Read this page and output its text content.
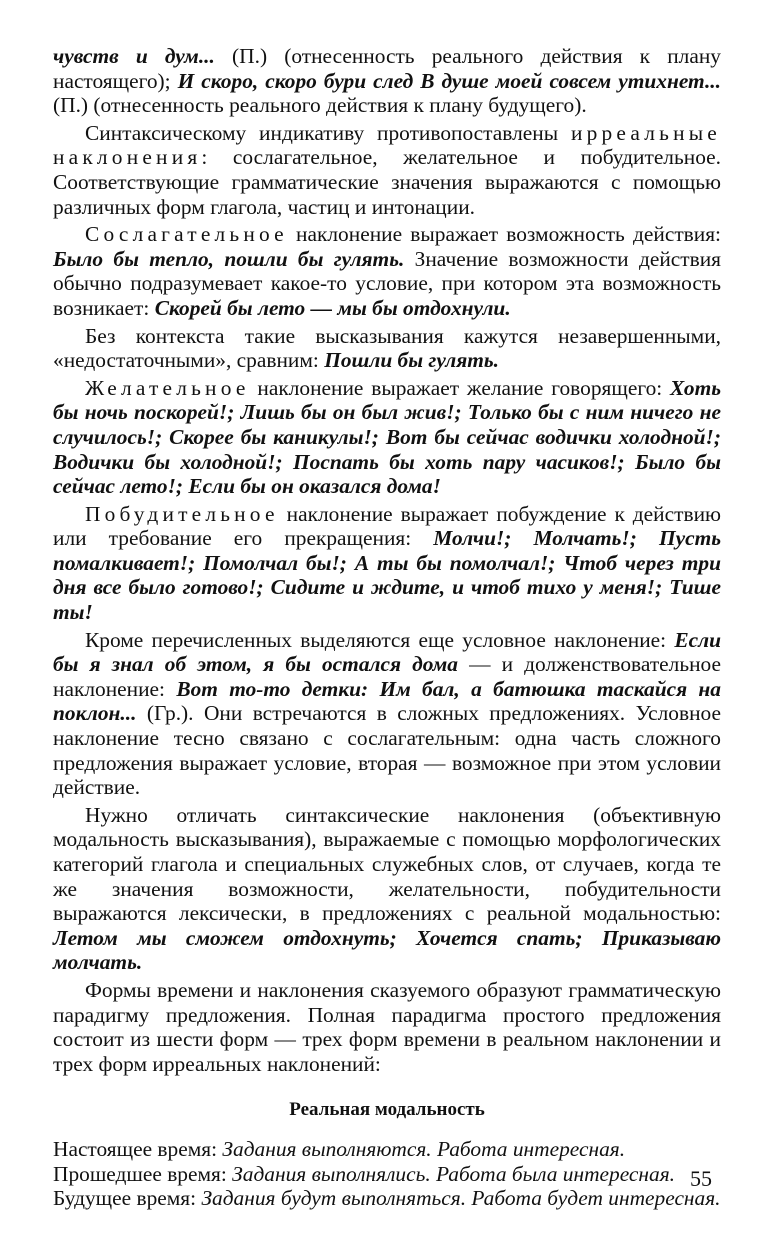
чувств и дум... (П.) (отнесенность реального действия к плану настоящего); И скоро, скоро бури след В душе моей совсем утихнет... (П.) (отнесенность реального действия к плану будущего).

Синтаксическому индикативу противопоставлены ирреальные наклонения: сослагательное, желательное и побудительное. Соответствующие грамматические значения выражаются с помощью различных форм глагола, частиц и интонации.

Сослагательное наклонение выражает возможность действия: Было бы тепло, пошли бы гулять. Значение возможности действия обычно подразумевает какое-то условие, при котором эта возможность возникает: Скорей бы лето — мы бы отдохнули.

Без контекста такие высказывания кажутся незавершенными, «недостаточными», сравним: Пошли бы гулять.

Желательное наклонение выражает желание говорящего: Хоть бы ночь поскорей!; Лишь бы он был жив!; Только бы с ним ничего не случилось!; Скорее бы каникулы!; Вот бы сейчас водички холодной!; Водички бы холодной!; Поспать бы хоть пару часиков!; Было бы сейчас лето!; Если бы он оказался дома!

Побудительное наклонение выражает побуждение к действию или требование его прекращения: Молчи!; Молчать!; Пусть помалкивает!; Помолчал бы!; А ты бы помолчал!; Чтоб через три дня все было готово!; Сидите и ждите, и чтоб тихо у меня!; Тише ты!

Кроме перечисленных выделяются еще условное наклонение: Если бы я знал об этом, я бы остался дома — и долженствовательное наклонение: Вот то-то детки: Им бал, а батюшка таскайся на поклон... (Гр.). Они встречаются в сложных предложениях. Условное наклонение тесно связано с сослагательным: одна часть сложного предложения выражает условие, вторая — возможное при этом условии действие.

Нужно отличать синтаксические наклонения (объективную модальность высказывания), выражаемые с помощью морфологических категорий глагола и специальных служебных слов, от случаев, когда те же значения возможности, желательности, побудительности выражаются лексически, в предложениях с реальной модальностью: Летом мы сможем отдохнуть; Хочется спать; Приказываю молчать.

Формы времени и наклонения сказуемого образуют грамматическую парадигму предложения. Полная парадигма простого предложения состоит из шести форм — трех форм времени в реальном наклонении и трех форм ирреальных наклонений:

Реальная модальность

Настоящее время: Задания выполняются. Работа интересная.

Прошедшее время: Задания выполнялись. Работа была интересная.

Будущее время: Задания будут выполняться. Работа будет интересная.

55
